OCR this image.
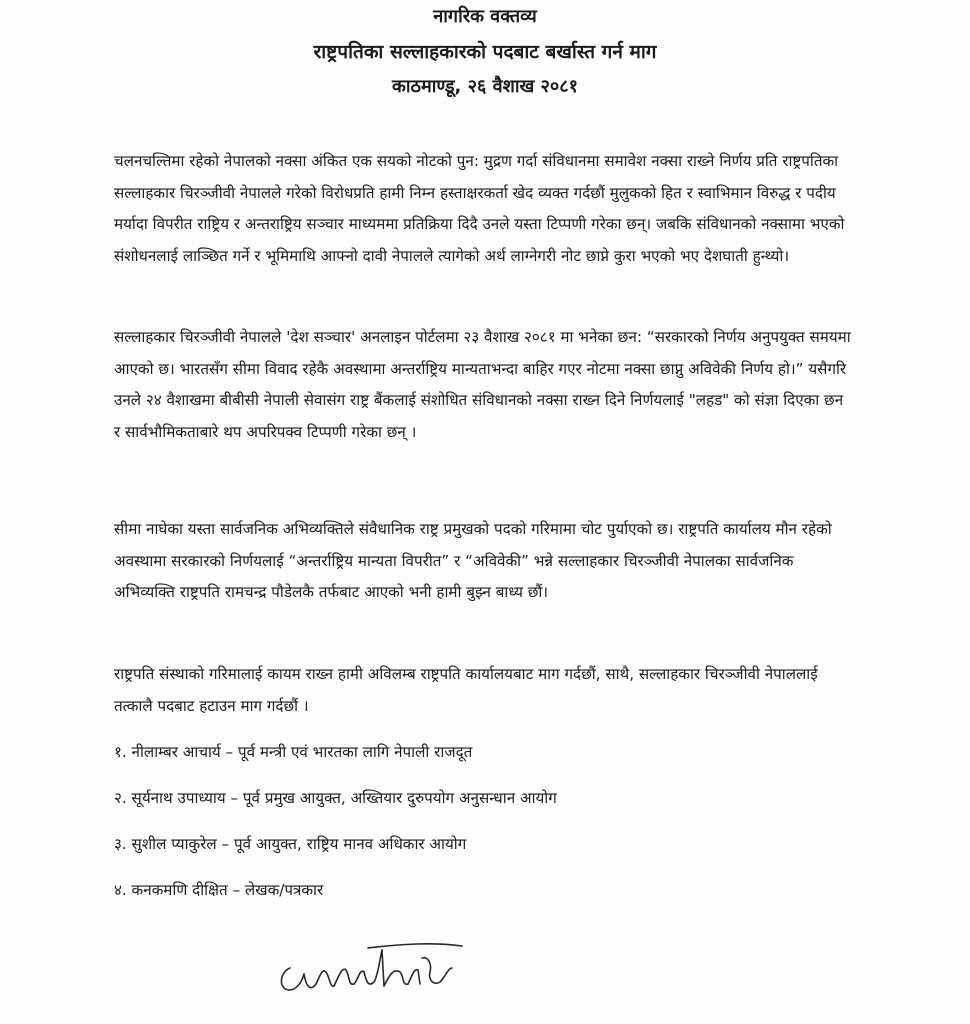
नागरिक वक्तव्य
राष्ट्रपतिका सल्लाहकारको पदबाट बर्खास्त गर्न माग
काठमाण्डू, २६ वैशाख २०८१

चलनचल्तिमा रहेको नेपालको नक्सा अंकित एक सयको नोटको पुन: मुद्रण गर्दा संविधानमा समावेश नक्सा राख्ने निर्णय प्रति राष्ट्रपतिका सल्लाहकार चिरञ्जीवी नेपालले गरेको विरोधप्रति हामी निम्न हस्ताक्षरकर्ता खेद व्यक्त गर्दछौं मुलुकको हित र स्वाभिमान विरुद्ध र पदीय मर्यादा विपरीत राष्ट्रिय र अन्तराष्ट्रिय सञ्चार माध्यममा प्रतिक्रिया दिदै उनले यस्ता टिप्पणी गरेका छन्। जबकि संविधानको नक्सामा भएको संशोधनलाई लाञ्छित गर्ने र भूमिमाथि आफ्नो दावी नेपालले त्यागेको अर्थ लाग्नेगरी नोट छाप्ने कुरा भएको भए देशघाती हुन्थ्यो।

सल्लाहकार चिरञ्जीवी नेपालले 'देश सञ्चार' अनलाइन पोर्टलमा २३ वैशाख २०८१ मा भनेका छन: “सरकारको निर्णय अनुपयुक्त समयमा आएको छ। भारतसँग सीमा विवाद रहेकै अवस्थामा अन्तर्राष्ट्रिय मान्यताभन्दा बाहिर गएर नोटमा नक्सा छाप्नु अविवेकी निर्णय हो।” यसैगरि उनले २४ वैशाखमा बीबीसी नेपाली सेवासंग राष्ट्र बैंकलाई संशोधित संविधानको नक्सा राख्न दिने निर्णयलाई "लहड" को संज्ञा दिएका छन र सार्वभौमिकताबारे थप अपरिपक्व टिप्पणी गरेका छन् ।

सीमा नाघेका यस्ता सार्वजनिक अभिव्यक्तिले संवैधानिक राष्ट्र प्रमुखको पदको गरिमामा चोट पुर्याएको छ। राष्ट्रपति कार्यालय मौन रहेको अवस्थामा सरकारको निर्णयलाई “अन्तर्राष्ट्रिय मान्यता विपरीत” र “अविवेकी” भन्ने सल्लाहकार चिरञ्जीवी नेपालका सार्वजनिक अभिव्यक्ति राष्ट्रपति रामचन्द्र पौडेलकै तर्फबाट आएको भनी हामी बुझ्न बाध्य छौं।

राष्ट्रपति संस्थाको गरिमालाई कायम राख्न हामी अविलम्ब राष्ट्रपति कार्यालयबाट माग गर्दछौं, साथै, सल्लाहकार चिरञ्जीवी नेपाललाई तत्कालै पदबाट हटाउन माग गर्दछौं ।

१. नीलाम्बर आचार्य – पूर्व मन्त्री एवं भारतका लागि नेपाली राजदूत
२. सूर्यनाथ उपाध्याय – पूर्व प्रमुख आयुक्त, अख्तियार दुरुपयोग अनुसन्धान आयोग
३. सुशील प्याकुरेल – पूर्व आयुक्त, राष्ट्रिय मानव अधिकार आयोग
४. कनकमणि दीक्षित – लेखक/पत्रकार
